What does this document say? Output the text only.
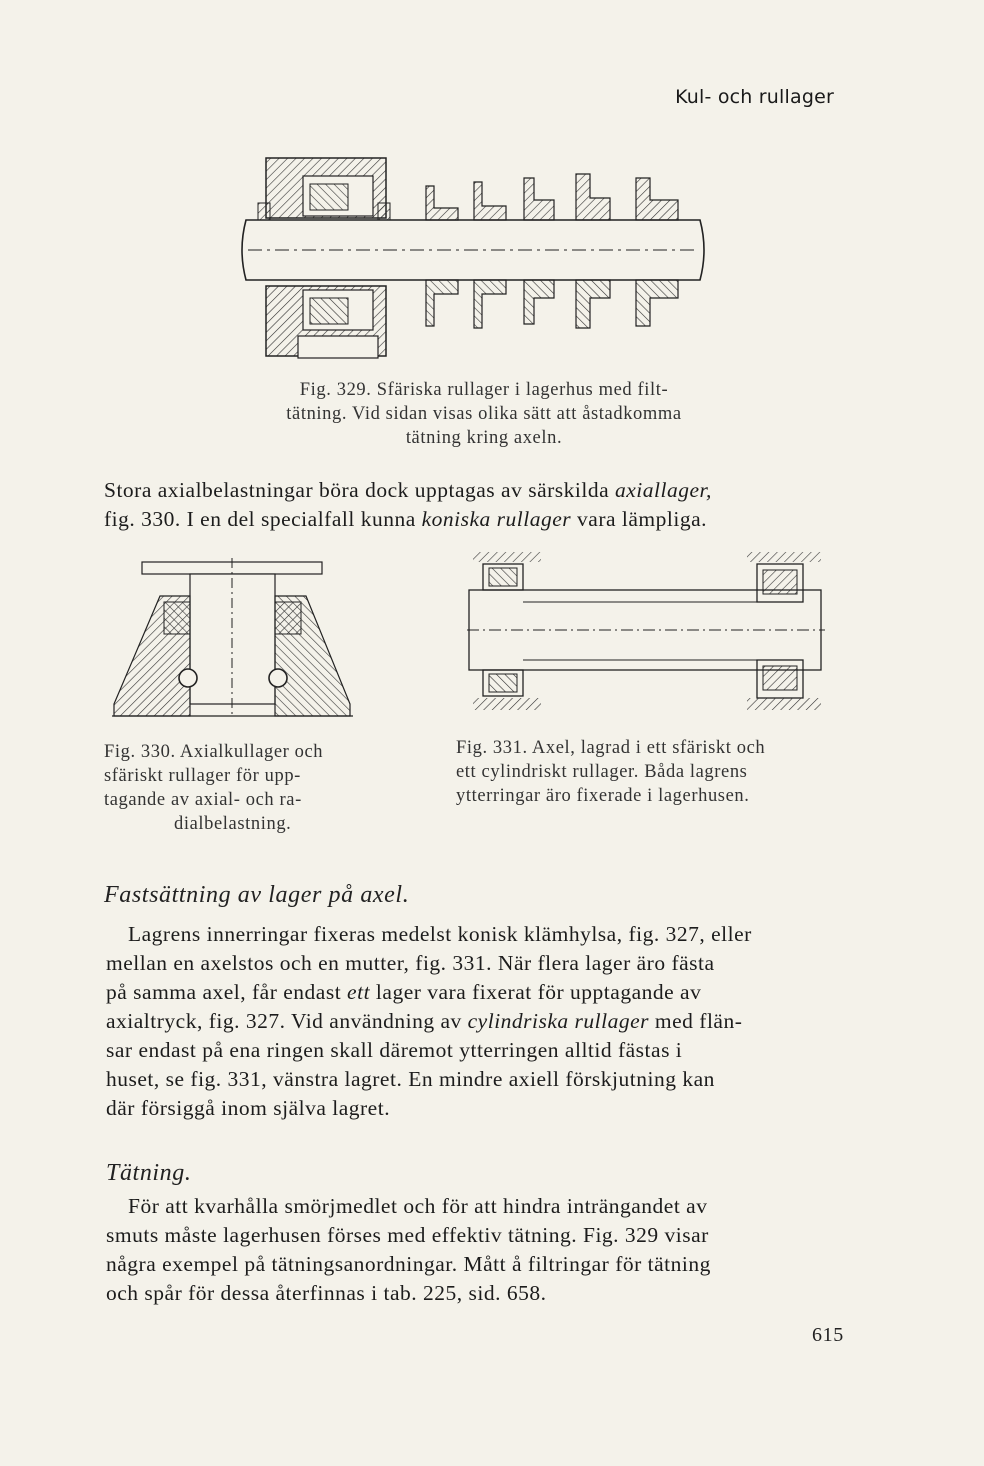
Kul- och rullager
Fig. 329. Sfäriska rullager i lagerhus med filt-
tätning. Vid sidan visas olika sätt att åstadkomma
tätning kring axeln.

Stora axialbelastningar böra dock upptagas av särskilda axiallager,

fig. 330. I en del specialfall kunna koniska rullager vara lämpliga.

Fig. 330. Axialkullager och
sfäriskt rullager för upp-
tagande av axial- och ra-
dialbelastning.
Fig. 331. Axel, lagrad i ett sfäriskt och
ett cylindriskt rullager. Båda lagrens
ytterringar äro fixerade i lagerhusen.
Fastsättning av lager på axel.

Lagrens innerringar fixeras medelst konisk klämhylsa, fig. 327, eller

mellan en axelstos och en mutter, fig. 331. När flera lager äro fästa

på samma axel, får endast ett lager vara fixerat för upptagande av

axialtryck, fig. 327. Vid användning av cylindriska rullager med flän-

sar endast på ena ringen skall däremot ytterringen alltid fästas i

huset, se fig. 331, vänstra lagret. En mindre axiell förskjutning kan

där försiggå inom själva lagret.

Tätning.

För att kvarhålla smörjmedlet och för att hindra inträngandet av

smuts måste lagerhusen förses med effektiv tätning. Fig. 329 visar

några exempel på tätningsanordningar. Mått å filtringar för tätning

och spår för dessa återfinnas i tab. 225, sid. 658.

615
